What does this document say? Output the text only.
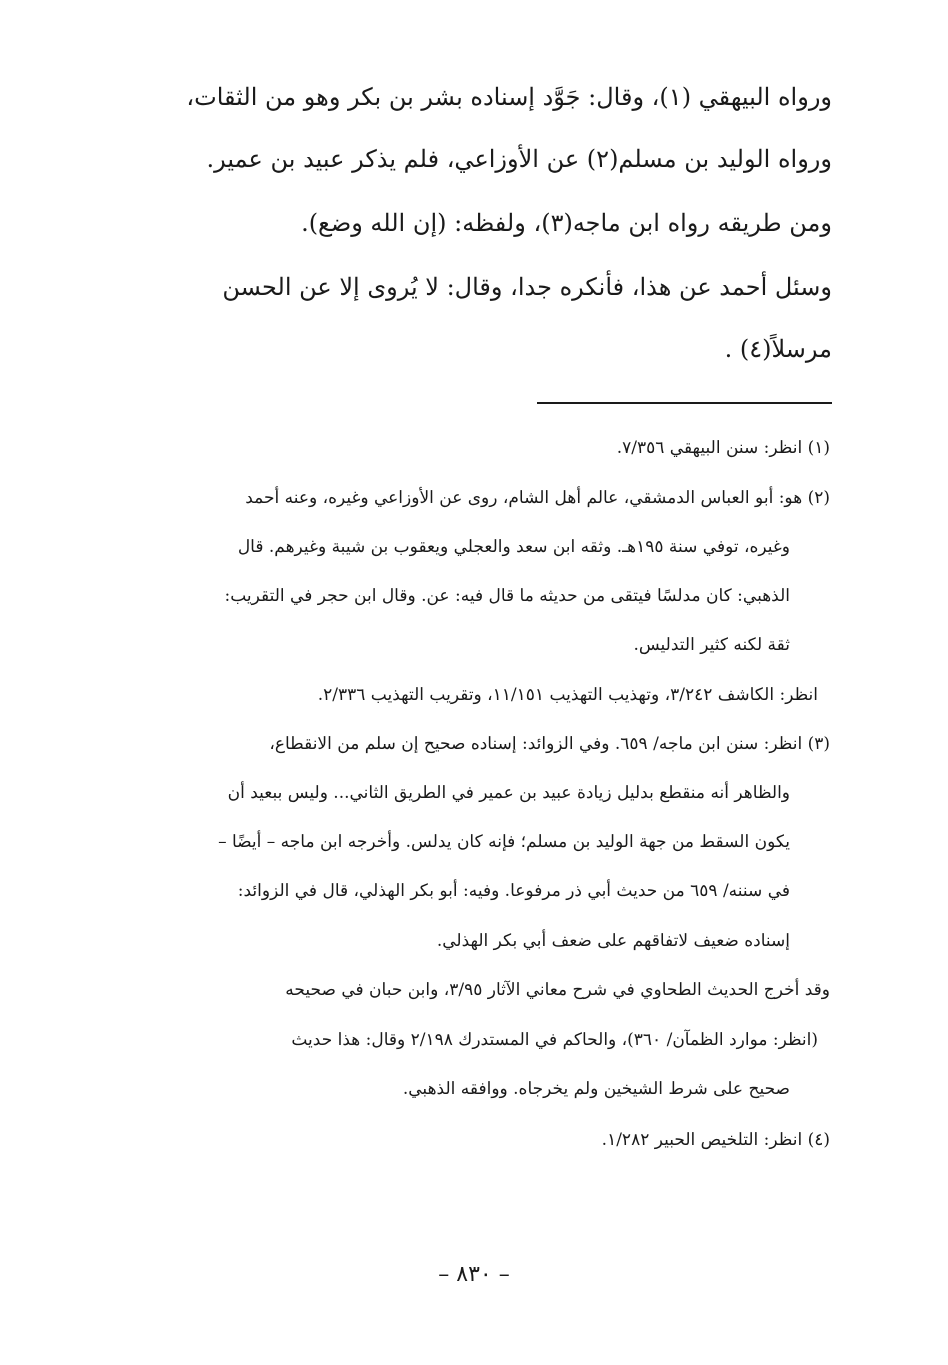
ورواه البيهقي (١)، وقال: جَوَّد إسناده بشر بن بكر وهو من الثقات،
ورواه الوليد بن مسلم(٢) عن الأوزاعي، فلم يذكر عبيد بن عمير.
ومن طريقه رواه ابن ماجه(٣)، ولفظه: (إن الله وضع).
وسئل أحمد عن هذا، فأنكره جدا، وقال: لا يُروى إلا عن الحسن
مرسلاً(٤) .
(١) انظر: سنن البيهقي ٧/٣٥٦.
(٢) هو: أبو العباس الدمشقي، عالم أهل الشام، روى عن الأوزاعي وغيره، وعنه أحمد
وغيره، توفي سنة ١٩٥هـ. وثقه ابن سعد والعجلي ويعقوب بن شيبة وغيرهم. قال
الذهبي: كان مدلسًا فيتقى من حديثه ما قال فيه: عن. وقال ابن حجر في التقريب:
ثقة لكنه كثير التدليس.
انظر: الكاشف ٣/٢٤٢، وتهذيب التهذيب ١١/١٥١، وتقريب التهذيب ٢/٣٣٦.
(٣) انظر: سنن ابن ماجه/ ٦٥٩. وفي الزوائد: إسناده صحيح إن سلم من الانقطاع،
والظاهر أنه منقطع بدليل زيادة عبيد بن عمير في الطريق الثاني... وليس ببعيد أن
يكون السقط من جهة الوليد بن مسلم؛ فإنه كان يدلس. وأخرجه ابن ماجه – أيضًا –
في سننه/ ٦٥٩ من حديث أبي ذر مرفوعا. وفيه: أبو بكر الهذلي، قال في الزوائد:
إسناده ضعيف لاتفاقهم على ضعف أبي بكر الهذلي.
وقد أخرج الحديث الطحاوي في شرح معاني الآثار ٣/٩٥، وابن حبان في صحيحه
(انظر: موارد الظمآن/ ٣٦٠)، والحاكم في المستدرك ٢/١٩٨ وقال: هذا حديث
صحيح على شرط الشيخين ولم يخرجاه. ووافقه الذهبي.
(٤) انظر: التلخيص الحبير ١/٢٨٢.
– ٨٣٠ –
